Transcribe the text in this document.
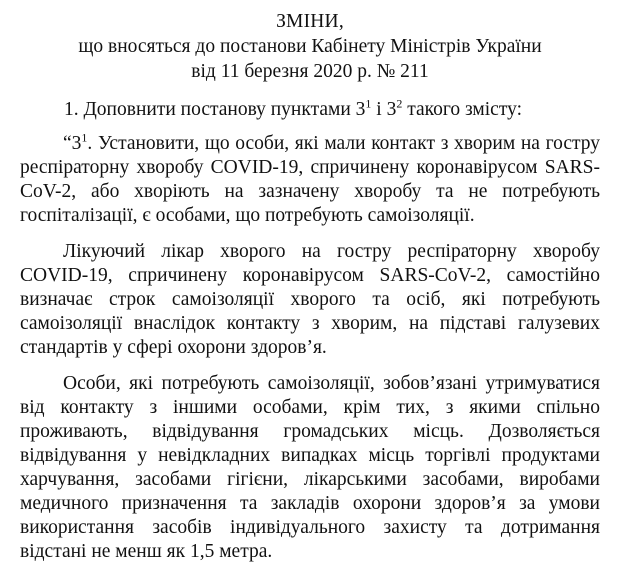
ЗМІНИ,
що вносяться до постанови Кабінету Міністрів України
від 11 березня 2020 р. № 211
1. Доповнити постанову пунктами $3^1$ і $3^2$ такого змісту:
“$3^1$. Установити, що особи, які мали контакт з хворим на гостру респіраторну хворобу COVID-19, спричинену коронавірусом SARS-CoV-2, або хворіють на зазначену хворобу та не потребують госпіталізації, є особами, що потребують самоізоляції.
Лікуючий лікар хворого на гостру респіраторну хворобу COVID-19, спричинену коронавірусом SARS-CoV-2, самостійно визначає строк самоізоляції хворого та осіб, які потребують самоізоляції внаслідок контакту з хворим, на підставі галузевих стандартів у сфері охорони здоров’я.
Особи, які потребують самоізоляції, зобов’язані утримуватися від контакту з іншими особами, крім тих, з якими спільно проживають, відвідування громадських місць. Дозволяється відвідування у невідкладних випадках місць торгівлі продуктами харчування, засобами гігієни, лікарськими засобами, виробами медичного призначення та закладів охорони здоров’я за умови використання засобів індивідуального захисту та дотримання відстані не менш як 1,5 метра.
